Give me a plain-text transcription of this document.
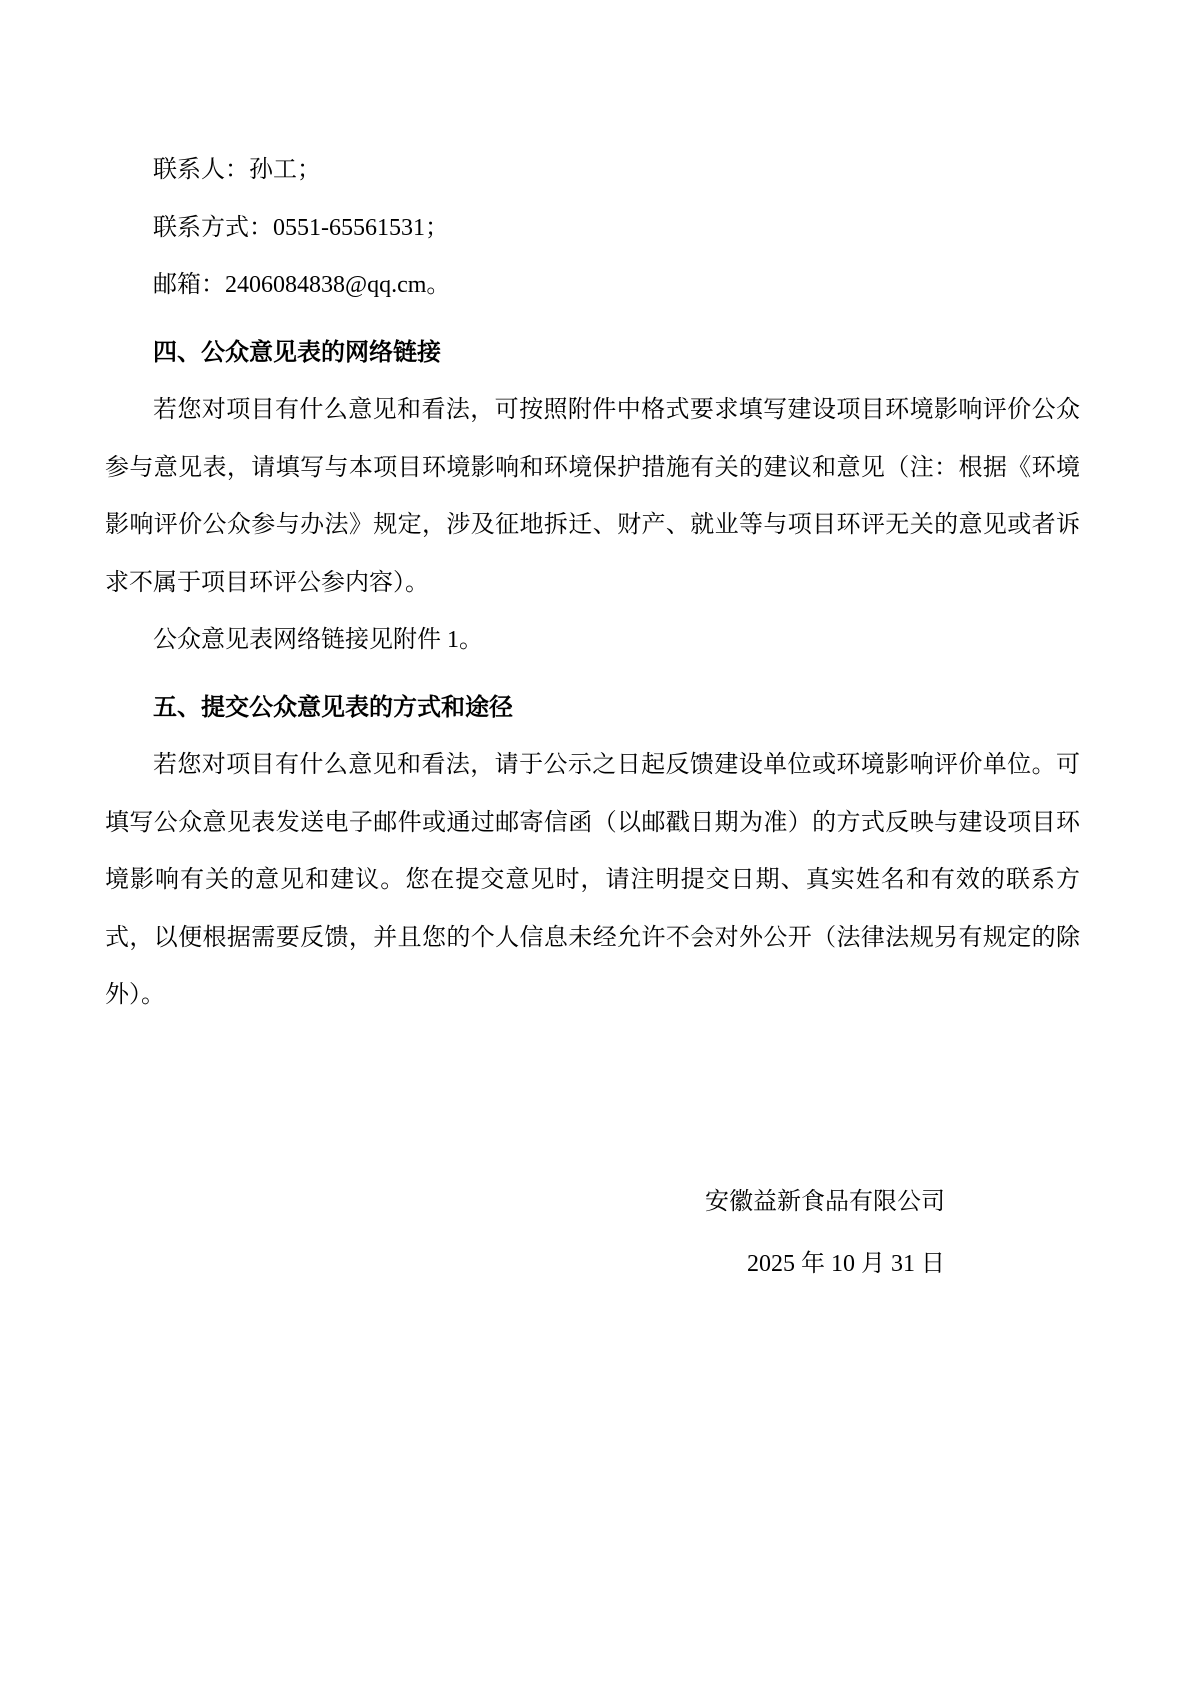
联系人：孙工；

联系方式：0551-65561531；

邮箱：2406084838@qq.cm。

四、公众意见表的网络链接

若您对项目有什么意见和看法，可按照附件中格式要求填写建设项目环境影响评价公众参与意见表，请填写与本项目环境影响和环境保护措施有关的建议和意见（注：根据《环境影响评价公众参与办法》规定，涉及征地拆迁、财产、就业等与项目环评无关的意见或者诉求不属于项目环评公参内容）。

公众意见表网络链接见附件 1。

五、提交公众意见表的方式和途径

若您对项目有什么意见和看法，请于公示之日起反馈建设单位或环境影响评价单位。可填写公众意见表发送电子邮件或通过邮寄信函（以邮戳日期为准）的方式反映与建设项目环境影响有关的意见和建议。您在提交意见时，请注明提交日期、真实姓名和有效的联系方式，以便根据需要反馈，并且您的个人信息未经允许不会对外公开（法律法规另有规定的除外）。

安徽益新食品有限公司
2025 年 10 月 31 日
